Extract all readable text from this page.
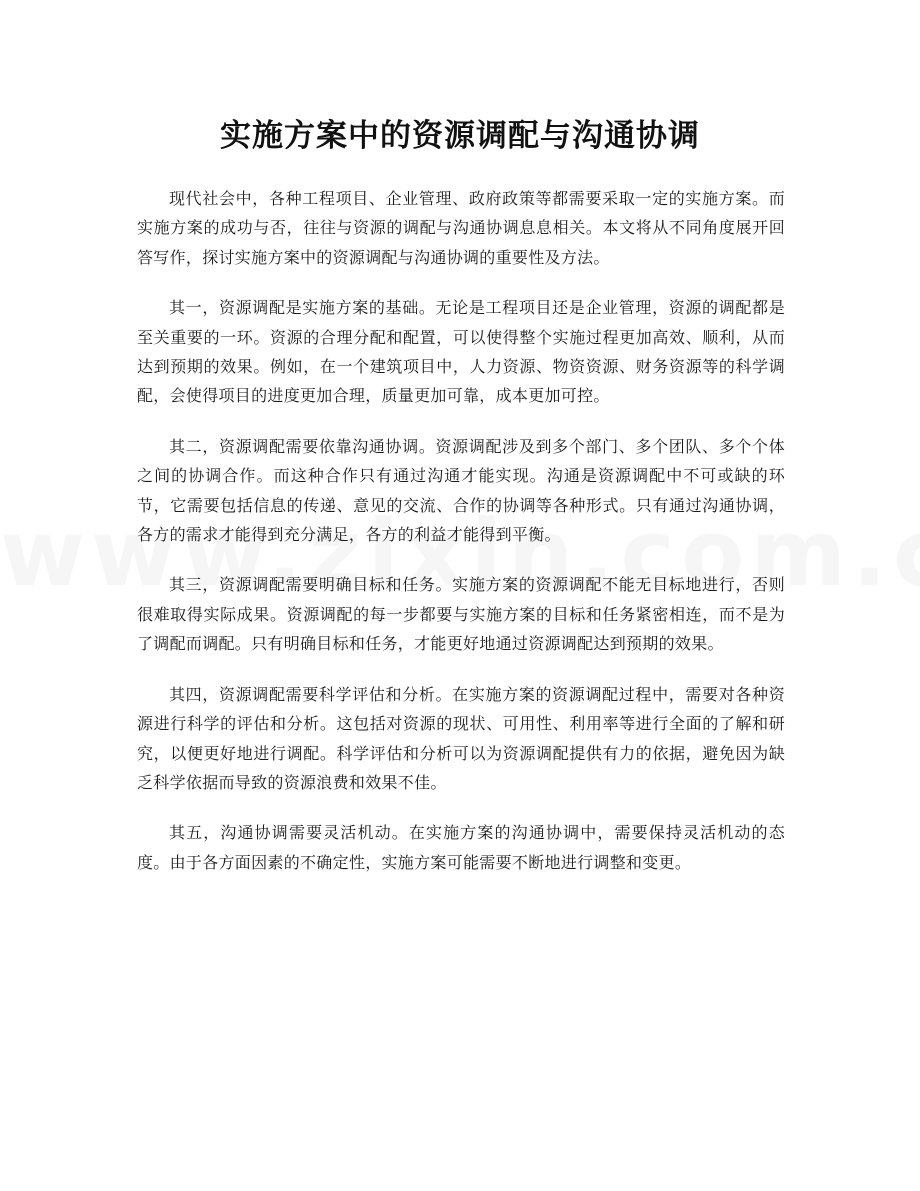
实施方案中的资源调配与沟通协调

现代社会中，各种工程项目、企业管理、政府政策等都需要采取一定的实施方案。而实施方案的成功与否，往往与资源的调配与沟通协调息息相关。本文将从不同角度展开回答写作，探讨实施方案中的资源调配与沟通协调的重要性及方法。

其一，资源调配是实施方案的基础。无论是工程项目还是企业管理，资源的调配都是至关重要的一环。资源的合理分配和配置，可以使得整个实施过程更加高效、顺利，从而达到预期的效果。例如，在一个建筑项目中，人力资源、物资资源、财务资源等的科学调配，会使得项目的进度更加合理，质量更加可靠，成本更加可控。

其二，资源调配需要依靠沟通协调。资源调配涉及到多个部门、多个团队、多个个体之间的协调合作。而这种合作只有通过沟通才能实现。沟通是资源调配中不可或缺的环节，它需要包括信息的传递、意见的交流、合作的协调等各种形式。只有通过沟通协调，各方的需求才能得到充分满足，各方的利益才能得到平衡。

其三，资源调配需要明确目标和任务。实施方案的资源调配不能无目标地进行，否则很难取得实际成果。资源调配的每一步都要与实施方案的目标和任务紧密相连，而不是为了调配而调配。只有明确目标和任务，才能更好地通过资源调配达到预期的效果。

其四，资源调配需要科学评估和分析。在实施方案的资源调配过程中，需要对各种资源进行科学的评估和分析。这包括对资源的现状、可用性、利用率等进行全面的了解和研究，以便更好地进行调配。科学评估和分析可以为资源调配提供有力的依据，避免因为缺乏科学依据而导致的资源浪费和效果不佳。

其五，沟通协调需要灵活机动。在实施方案的沟通协调中，需要保持灵活机动的态度。由于各方面因素的不确定性，实施方案可能需要不断地进行调整和变更。
